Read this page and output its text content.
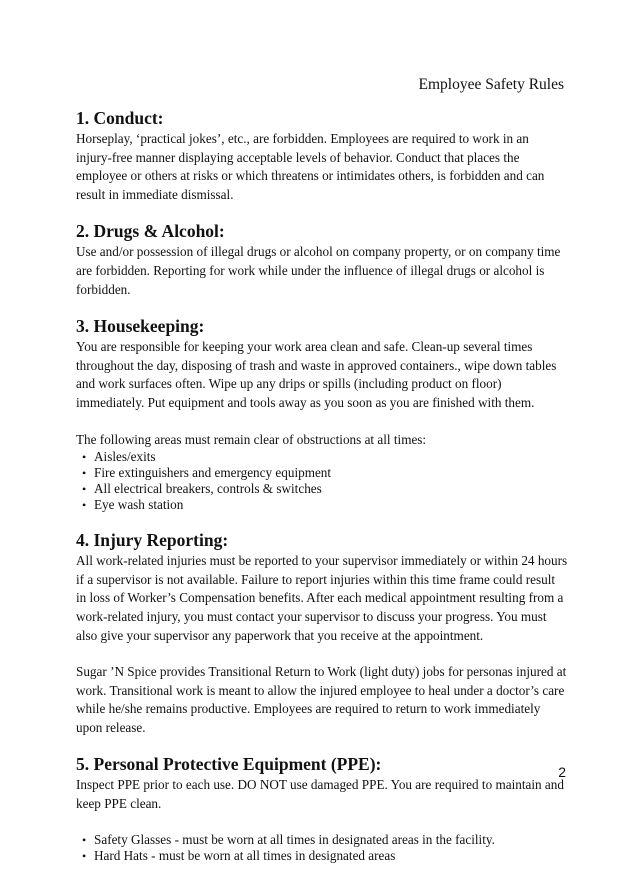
Employee Safety Rules
1. Conduct:

Horseplay, ‘practical jokes’, etc., are forbidden. Employees are required to work in an injury-free manner displaying acceptable levels of behavior. Conduct that places the employee or others at risks or which threatens or intimidates others, is forbidden and can result in immediate dismissal.

2. Drugs & Alcohol:

Use and/or possession of illegal drugs or alcohol on company property, or on company time are forbidden. Reporting for work while under the influence of illegal drugs or alcohol is forbidden.

3. Housekeeping:

You are responsible for keeping your work area clean and safe. Clean-up several times throughout the day, disposing of trash and waste in approved containers., wipe down tables and work surfaces often. Wipe up any drips or spills (including product on floor) immediately. Put equipment and tools away as you soon as you are finished with them.

The following areas must remain clear of obstructions at all times:

• Aisles/exits
• Fire extinguishers and emergency equipment
• All electrical breakers, controls & switches
• Eye wash station
4. Injury Reporting:

All work-related injuries must be reported to your supervisor immediately or within 24 hours if a supervisor is not available. Failure to report injuries within this time frame could result in loss of Worker’s Compensation benefits. After each medical appointment resulting from a work-related injury, you must contact your supervisor to discuss your progress. You must also give your supervisor any paperwork that you receive at the appointment.

Sugar ’N Spice provides Transitional Return to Work (light duty) jobs for personas injured at work. Transitional work is meant to allow the injured employee to heal under a doctor’s care while he/she remains productive. Employees are required to return to work immediately upon release.

5. Personal Protective Equipment (PPE):

Inspect PPE prior to each use. DO NOT use damaged PPE. You are required to maintain and keep PPE clean.

• Safety Glasses - must be worn at all times in designated areas in the facility.
• Hard Hats - must be worn at all times in designated areas
2
